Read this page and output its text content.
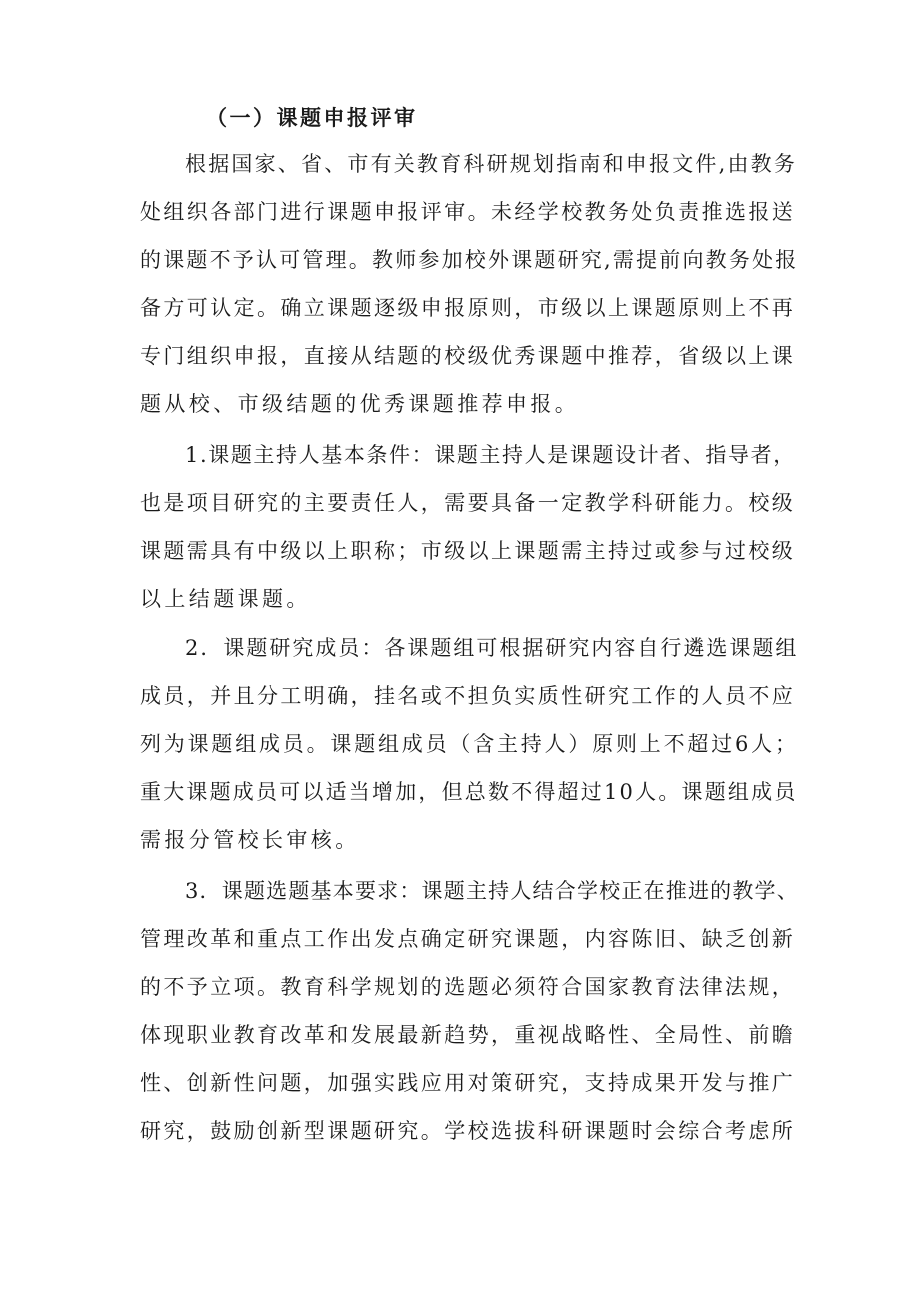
（一）课题申报评审
根据国家、省、市有关教育科研规划指南和申报文件,由教务
处组织各部门进行课题申报评审。未经学校教务处负责推选报送
的课题不予认可管理。教师参加校外课题研究,需提前向教务处报
备方可认定。确立课题逐级申报原则，市级以上课题原则上不再
专门组织申报，直接从结题的校级优秀课题中推荐，省级以上课
题从校、市级结题的优秀课题推荐申报。
1.课题主持人基本条件：课题主持人是课题设计者、指导者，
也是项目研究的主要责任人，需要具备一定教学科研能力。校级
课题需具有中级以上职称；市级以上课题需主持过或参与过校级
以上结题课题。
2．课题研究成员：各课题组可根据研究内容自行遴选课题组
成员，并且分工明确，挂名或不担负实质性研究工作的人员不应
列为课题组成员。课题组成员（含主持人）原则上不超过6人；
重大课题成员可以适当增加，但总数不得超过10人。课题组成员
需报分管校长审核。
3．课题选题基本要求：课题主持人结合学校正在推进的教学、
管理改革和重点工作出发点确定研究课题，内容陈旧、缺乏创新
的不予立项。教育科学规划的选题必须符合国家教育法律法规，
体现职业教育改革和发展最新趋势，重视战略性、全局性、前瞻
性、创新性问题，加强实践应用对策研究，支持成果开发与推广
研究，鼓励创新型课题研究。学校选拔科研课题时会综合考虑所
